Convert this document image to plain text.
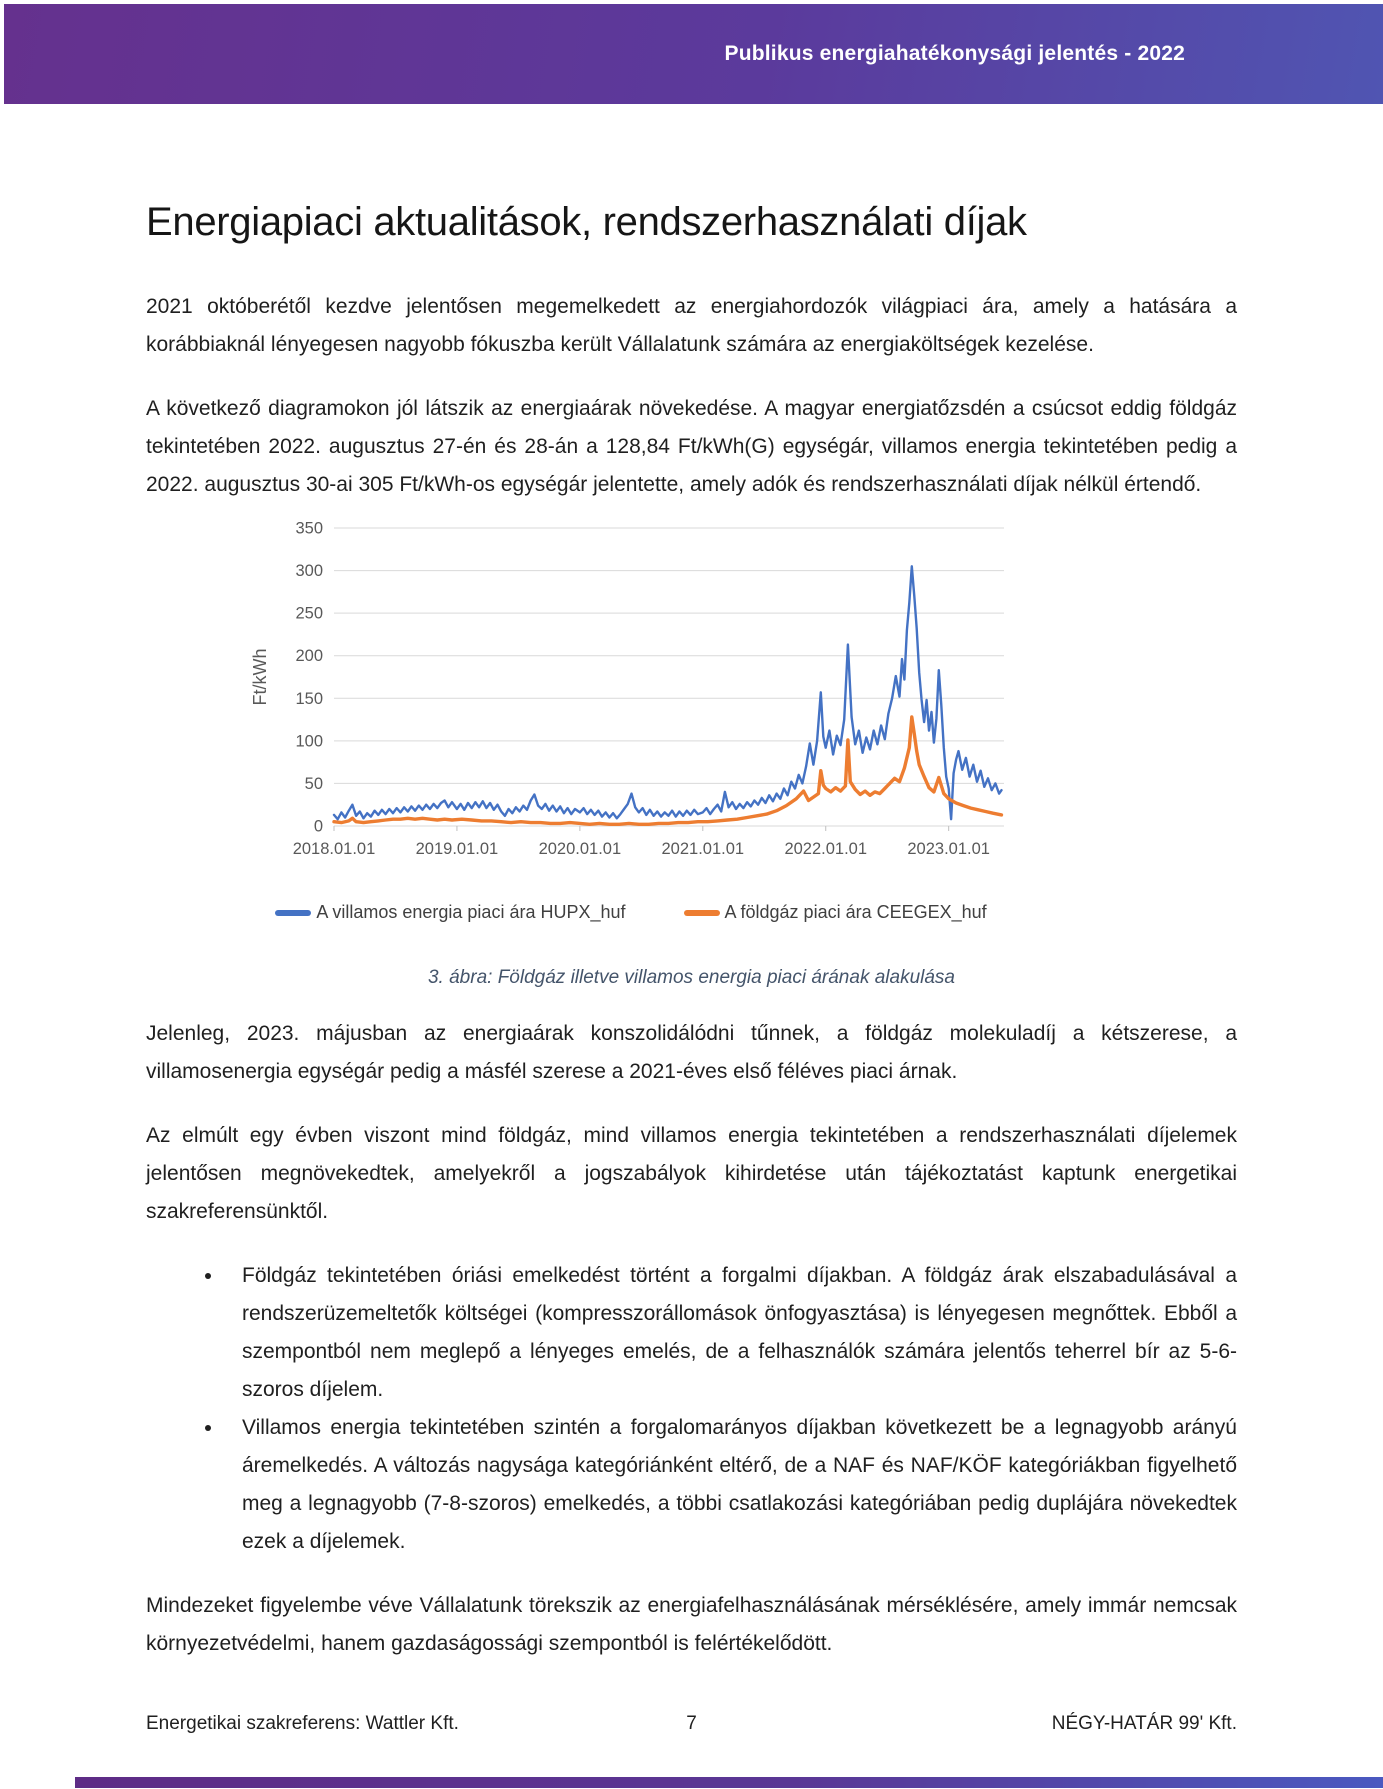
Publikus energiahatékonysági jelentés - 2022
Energiapiaci aktualitások, rendszerhasználati díjak

2021 októberétől kezdve jelentősen megemelkedett az energiahordozók világpiaci ára, amely a hatására a korábbiaknál lényegesen nagyobb fókuszba került Vállalatunk számára az energiaköltségek kezelése.

A következő diagramokon jól látszik az energiaárak növekedése. A magyar energiatőzsdén a csúcsot eddig földgáz tekintetében 2022. augusztus 27-én és 28-án a 128,84 Ft/kWh(G) egységár, villamos energia tekintetében pedig a 2022. augusztus 30-ai 305 Ft/kWh-os egységár jelentette, amely adók és rendszerhasználati díjak nélkül értendő.

0
50
100
150
200
250
300
350
2018.01.01 2019.01.01 2020.01.01 2021.01.01 2022.01.01 2023.01.01
Ft/kWh
A villamos energia piaci ára HUPX_huf	A földgáz piaci ára CEEGEX_huf
3. ábra: Földgáz illetve villamos energia piaci árának alakulása

Jelenleg, 2023. májusban az energiaárak konszolidálódni tűnnek, a földgáz molekuladíj a kétszerese, a villamosenergia egységár pedig a másfél szerese a 2021-éves első féléves piaci árnak.

Az elmúlt egy évben viszont mind földgáz, mind villamos energia tekintetében a rendszerhasználati díjelemek jelentősen megnövekedtek, amelyekről a jogszabályok kihirdetése után tájékoztatást kaptunk energetikai szakreferensünktől.

• Földgáz tekintetében óriási emelkedést történt a forgalmi díjakban. A földgáz árak elszabadulásával a rendszerüzemeltetők költségei (kompresszorállomások önfogyasztása) is lényegesen megnőttek. Ebből a szempontból nem meglepő a lényeges emelés, de a felhasználók számára jelentős teherrel bír az 5-6-szoros díjelem.
• Villamos energia tekintetében szintén a forgalomarányos díjakban következett be a legnagyobb arányú áremelkedés. A változás nagysága kategóriánként eltérő, de a NAF és NAF/KÖF kategóriákban figyelhető meg a legnagyobb (7-8-szoros) emelkedés, a többi csatlakozási kategóriában pedig duplájára növekedtek ezek a díjelemek.

Mindezeket figyelembe véve Vállalatunk törekszik az energiafelhasználásának mérséklésére, amely immár nemcsak környezetvédelmi, hanem gazdaságossági szempontból is felértékelődött.

Energetikai szakreferens: Wattler Kft.	7	NÉGY-HATÁR 99' Kft.
